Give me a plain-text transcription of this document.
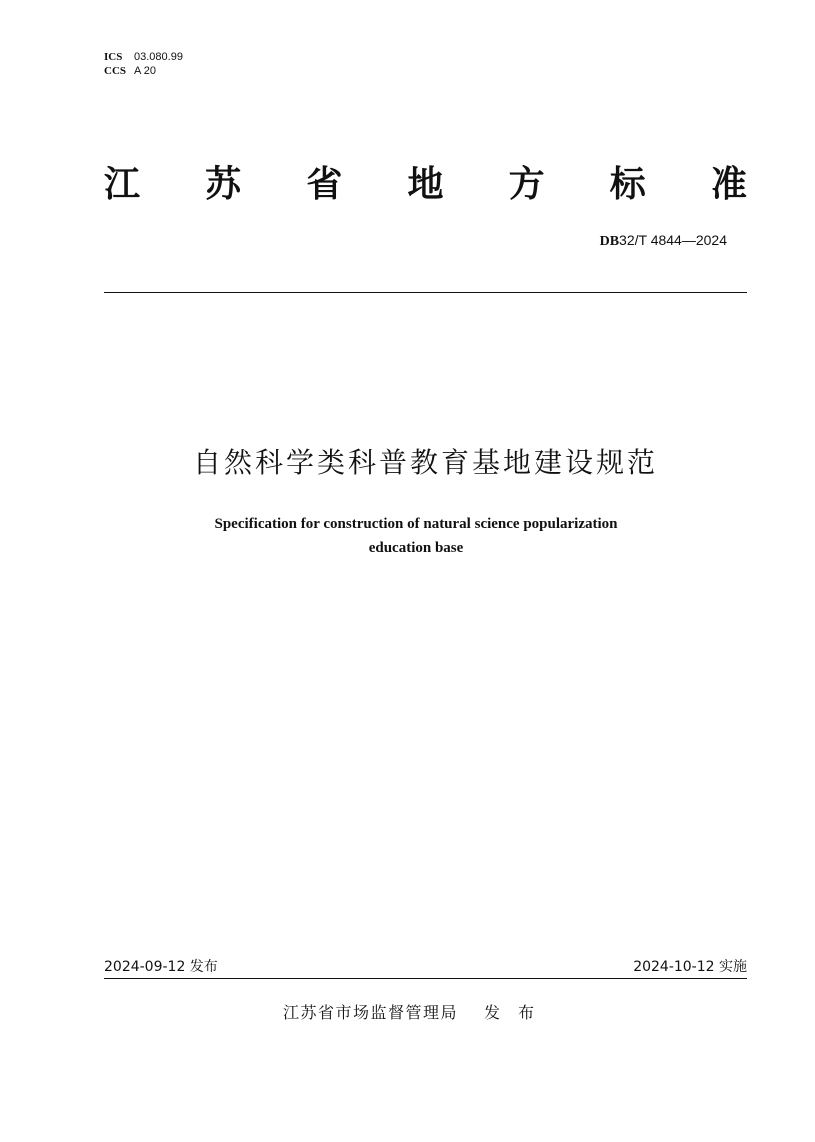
ICS 03.080.99
CCS A 20
江 苏 省 地 方 标 准
DB32/T 4844—2024
自然科学类科普教育基地建设规范
Specification for construction of natural science popularization
education base
2024-09-12 发布	2024-10-12 实施
江苏省市场监督管理局 发布
